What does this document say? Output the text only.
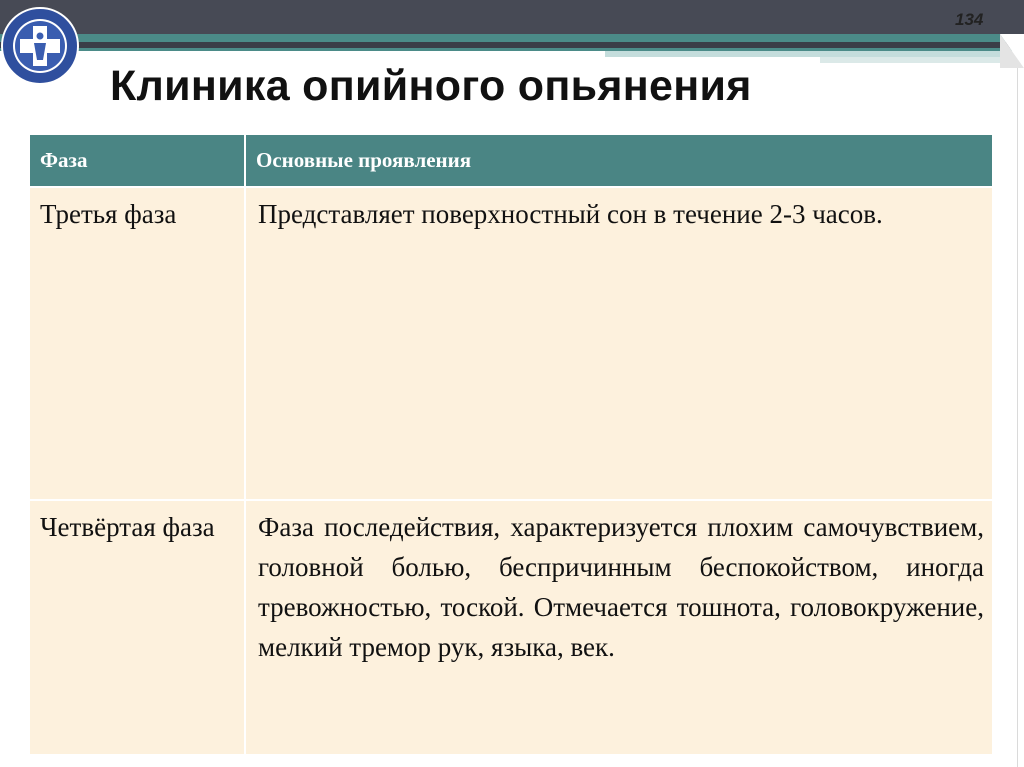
134
Клиника опийного опьянения
Фаза	Основные проявления
Третья фаза	Представляет поверхностный сон в течение 2-3 часов.
Четвёртая фаза	Фаза последействия, характеризуется плохим самочувствием, головной болью, беспричинным беспокойством, иногда тревожностью, тоской. Отмечается тошнота, головокружение, мелкий тремор рук, языка, век.
